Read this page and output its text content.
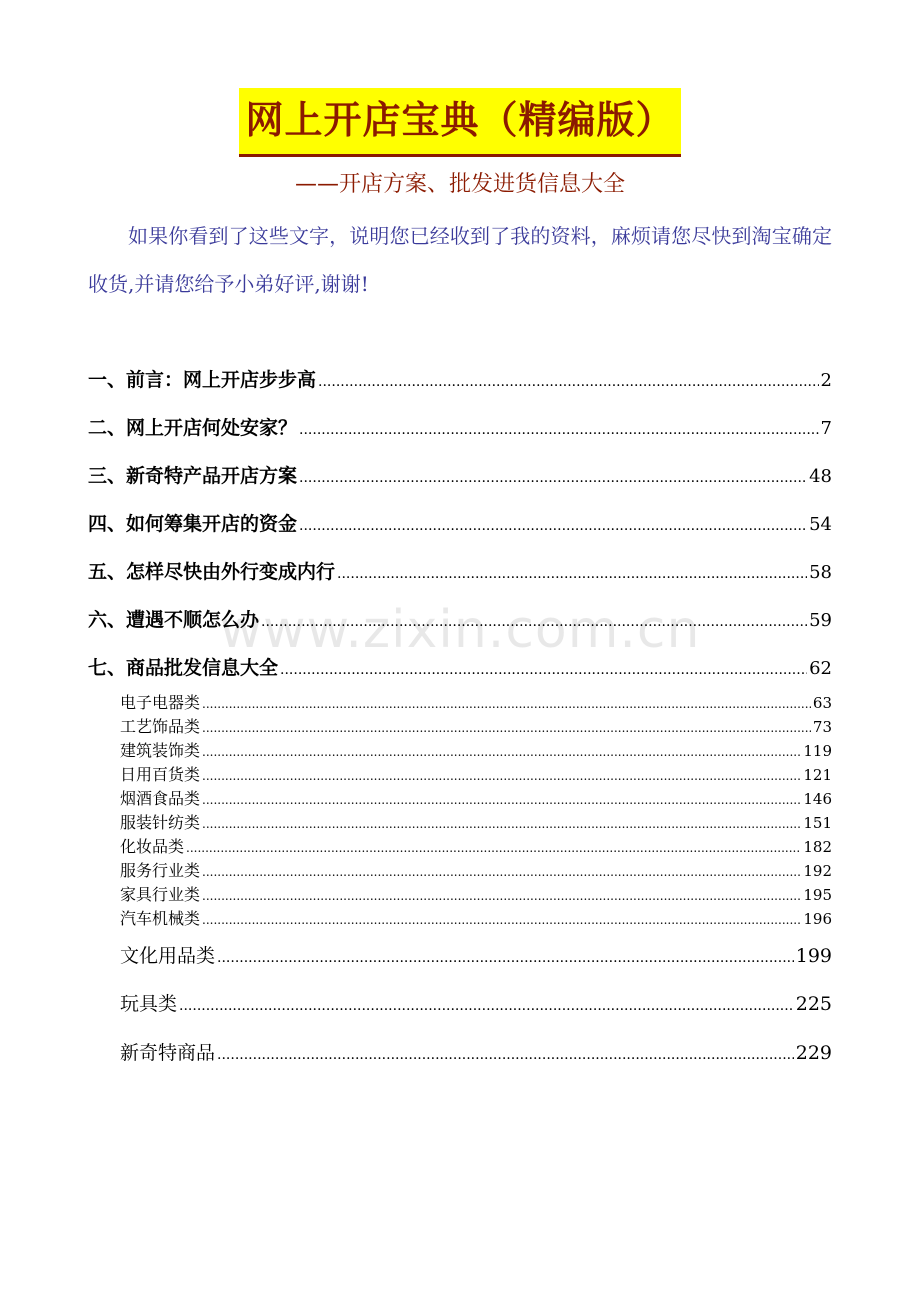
网上开店宝典（精编版）
——开店方案、批发进货信息大全
如果你看到了这些文字，说明您已经收到了我的资料，麻烦请您尽快到淘宝确定收货,并请您给予小弟好评,谢谢!
一、前言：网上开店步步高 .....	2
二、网上开店何处安家？ .....	7
三、新奇特产品开店方案 .....	48
四、如何筹集开店的资金 .....	54
五、怎样尽快由外行变成内行 .....	58
六、遭遇不顺怎么办 .....	59
七、商品批发信息大全 .....	62
电子电器类 .....	63
工艺饰品类 .....	73
建筑装饰类 .....	119
日用百货类 .....	121
烟酒食品类 .....	146
服装针纺类 .....	151
化妆品类 .....	182
服务行业类 .....	192
家具行业类 .....	195
汽车机械类 .....	196
文化用品类 .....	199
玩具类 .....	225
新奇特商品 .....	229
www.zixin.com.cn
